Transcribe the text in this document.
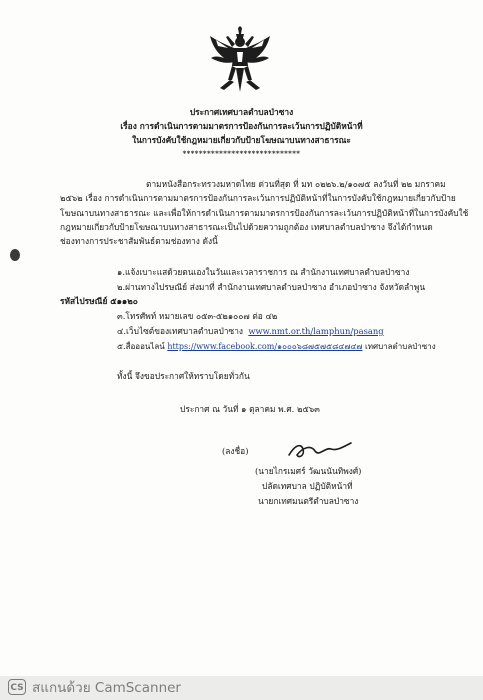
ประกาศเทศบาลตำบลป่าซาง
เรื่อง การดำเนินการตามมาตรการป้องกันการละเว้นการปฏิบัติหน้าที่
ในการบังคับใช้กฎหมายเกี่ยวกับป้ายโฆษณาบนทางสาธารณะ
*****************************
ตามหนังสือกระทรวงมหาดไทย ด่วนที่สุด ที่ มท ๐๒๒๖.๒/๑๐๗๕ ลงวันที่ ๒๒ มกราคม
๒๕๖๒ เรื่อง การดำเนินการตามมาตรการป้องกันการละเว้นการปฏิบัติหน้าที่ในการบังคับใช้กฎหมายเกี่ยวกับป้าย
โฆษณาบนทางสาธารณะ และเพื่อให้การดำเนินการตามมาตรการป้องกันการละเว้นการปฏิบัติหน้าที่ในการบังคับใช้
กฎหมายเกี่ยวกับป้ายโฆษณาบนทางสาธารณะเป็นไปด้วยความถูกต้อง เทศบาลตำบลป่าซาง จึงได้กำหนด
ช่องทางการประชาสัมพันธ์ตามช่องทาง ดังนี้
๑.แจ้งเบาะแสด้วยตนเองในวันและเวลาราชการ ณ สำนักงานเทศบาลตำบลป่าซาง
๒.ผ่านทางไปรษณีย์ ส่งมาที่ สำนักงานเทศบาลตำบลป่าซาง อำเภอป่าซาง จังหวัดลำพูน
รหัสไปรษณีย์ ๕๑๑๒๐
๓.โทรศัพท์ หมายเลข ๐๕๓-๕๒๑๐๐๗ ต่อ ๔๒
๔.เว็บไซต์ของเทศบาลตำบลป่าซาง www.nmt.or.th/lamphun/pasang
๕.สื่อออนไลน์ https://www.facebook.com/๑๐๐๐๖๘๗๕๗๕๘๔๗๔๗ เทศบาลตำบลป่าซาง
ทั้งนี้ จึงขอประกาศให้ทราบโดยทั่วกัน
ประกาศ ณ วันที่ ๑ ตุลาคม พ.ศ. ๒๕๖๓
(ลงชื่อ)
(นายไกรเมศร์ วัฒนนันทิพงศ์)
ปลัดเทศบาล ปฏิบัติหน้าที่
นายกเทศมนตรีตำบลป่าซาง
CS สแกนด้วย CamScanner
